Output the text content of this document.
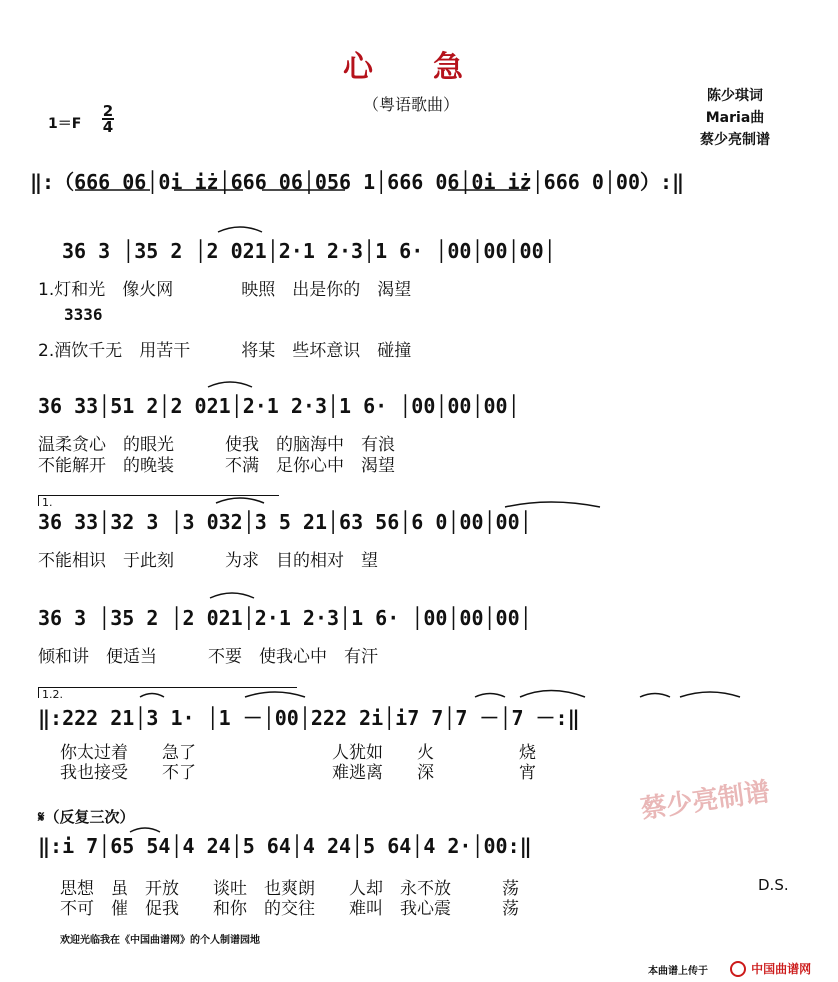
心　　急
（粤语歌曲）
1＝F
2
4
陈少琪词
Maria曲
蔡少亮制谱
‖:（666 06│0i iż│666 06│056 1│666 06│0i iż│666 0│00）:‖
36 3 │35 2 │2 021│2·1 2·3│1 6· │00│00│00│
1.灯和光　像火网　　　　映照　出是你的　渴望
3336
2.酒饮千无　用苦干　　　将某　些坏意识　碰撞
36 33│51 2│2 021│2·1 2·3│1 6· │00│00│00│
温柔贪心　的眼光　　　使我　的脑海中　有浪
不能解开　的晚装　　　不满　足你心中　渴望
1.
36 33│32 3 │3 032│3 5 21│63 56│6 0│00│00│
不能相识　于此刻　　　为求　目的相对　望
36 3 │35 2 │2 021│2·1 2·3│1 6· │00│00│00│
倾和讲　便适当　　　不要　使我心中　有汗
1.2.
‖:222 21│3 1· │1 －│00│222 2i│i7 7│7 －│7 －:‖
你太过着　　急了　　　　　　　　人犹如　　火　　　　　烧
我也接受　　不了　　　　　　　　难逃离　　深　　　　　宵
蔡少亮制谱
𝄋（反复三次）
‖:i 7│65 54│4 24│5 64│4 24│5 64│4 2·│00:‖
思想　虽　开放　　谈吐　也爽朗　　人却　永不放　　　荡
不可　催　促我　　和你　的交往　　难叫　我心震　　　荡
D.S.
欢迎光临我在《中国曲谱网》的个人制谱园地
本曲谱上传于	中国曲谱网
